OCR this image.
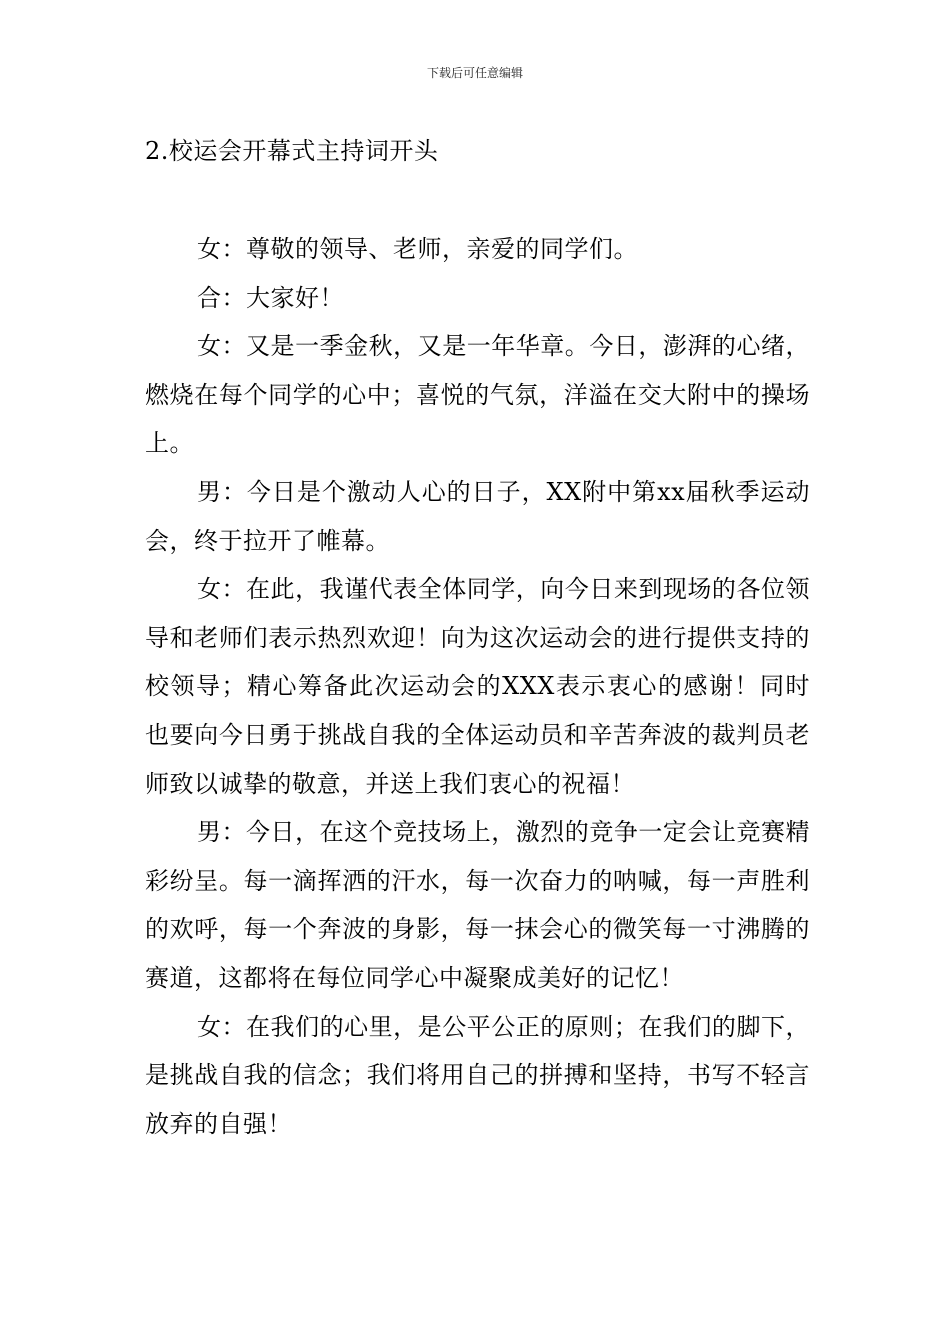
下载后可任意编辑
2.校运会开幕式主持词开头

女：尊敬的领导、老师，亲爱的同学们。

合：大家好！

女：又是一季金秋，又是一年华章。今日，澎湃的心绪，燃烧在每个同学的心中；喜悦的气氛，洋溢在交大附中的操场上。

男：今日是个激动人心的日子，XX附中第xx届秋季运动会，终于拉开了帷幕。

女：在此，我谨代表全体同学，向今日来到现场的各位领导和老师们表示热烈欢迎！向为这次运动会的进行提供支持的校领导；精心筹备此次运动会的XXX表示衷心的感谢！同时也要向今日勇于挑战自我的全体运动员和辛苦奔波的裁判员老师致以诚挚的敬意，并送上我们衷心的祝福！

男：今日，在这个竞技场上，激烈的竞争一定会让竞赛精彩纷呈。每一滴挥洒的汗水，每一次奋力的呐喊，每一声胜利的欢呼，每一个奔波的身影，每一抹会心的微笑每一寸沸腾的赛道，这都将在每位同学心中凝聚成美好的记忆！

女：在我们的心里，是公平公正的原则；在我们的脚下，是挑战自我的信念；我们将用自己的拼搏和坚持，书写不轻言放弃的自强！
